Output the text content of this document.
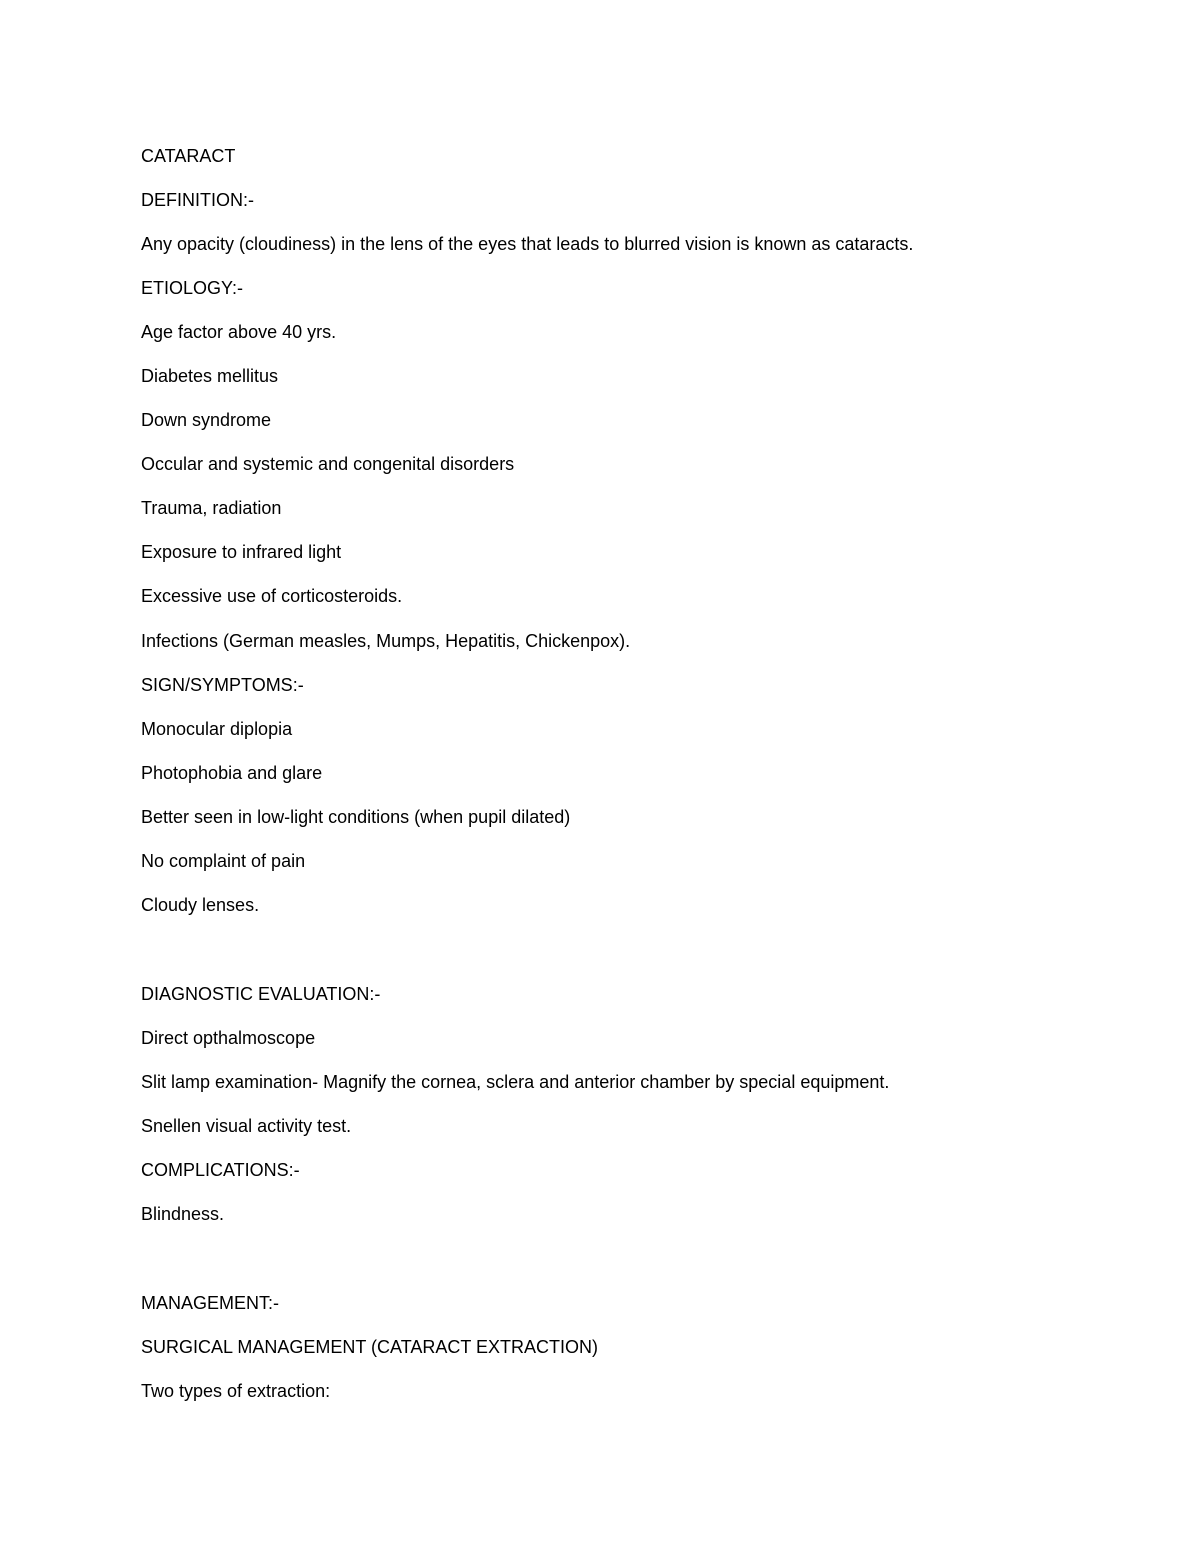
CATARACT

DEFINITION:-

Any opacity (cloudiness) in the lens of the eyes that leads to blurred vision is known as cataracts.

ETIOLOGY:-

Age factor above 40 yrs.

Diabetes mellitus

Down syndrome

Occular and systemic and congenital disorders

Trauma, radiation

Exposure to infrared light

Excessive use of corticosteroids.

Infections (German measles, Mumps, Hepatitis, Chickenpox).

SIGN/SYMPTOMS:-

Monocular diplopia

Photophobia and glare

Better seen in low-light conditions (when pupil dilated)

No complaint of pain

Cloudy lenses.

DIAGNOSTIC EVALUATION:-

Direct opthalmoscope

Slit lamp examination- Magnify the cornea, sclera and anterior chamber by special equipment.

Snellen visual activity test.

COMPLICATIONS:-

Blindness.

MANAGEMENT:-

SURGICAL MANAGEMENT (CATARACT EXTRACTION)

Two types of extraction:
